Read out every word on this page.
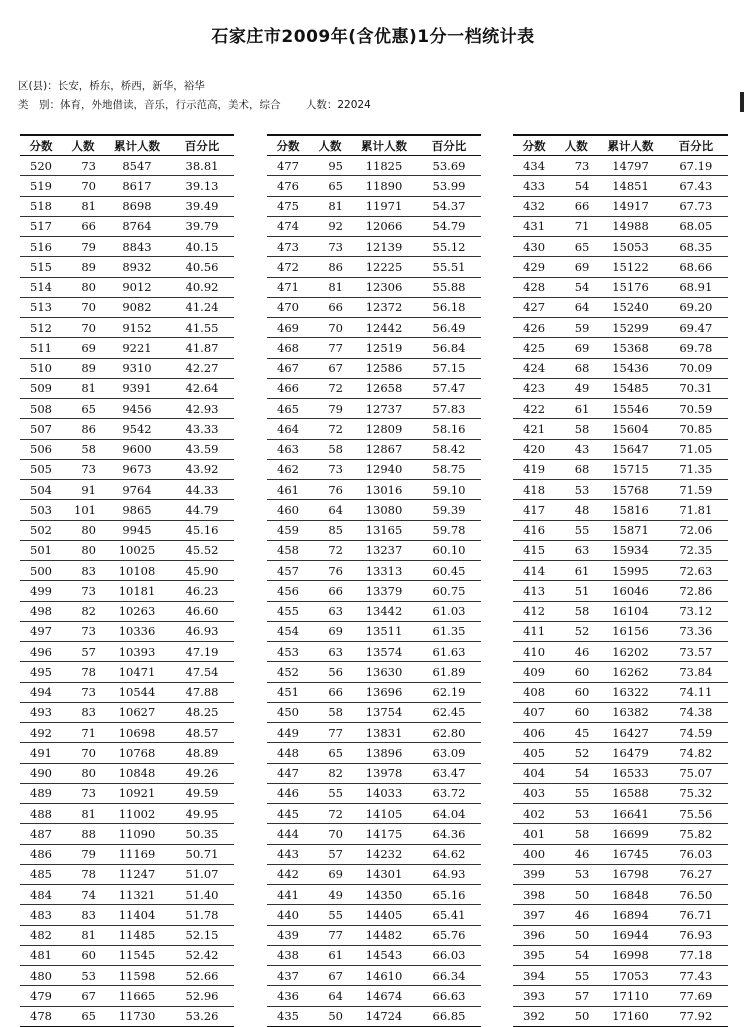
石家庄市2009年(含优惠)1分一档统计表
区(县)：长安，桥东，桥西，新华，裕华
类　别：体育，外地借读，音乐，行示范高，美术，综合 人数：22024
分数	人数	累计人数	百分比
520	73	8547	38.81
519	70	8617	39.13
518	81	8698	39.49
517	66	8764	39.79
516	79	8843	40.15
515	89	8932	40.56
514	80	9012	40.92
513	70	9082	41.24
512	70	9152	41.55
511	69	9221	41.87
510	89	9310	42.27
509	81	9391	42.64
508	65	9456	42.93
507	86	9542	43.33
506	58	9600	43.59
505	73	9673	43.92
504	91	9764	44.33
503	101	9865	44.79
502	80	9945	45.16
501	80	10025	45.52
500	83	10108	45.90
499	73	10181	46.23
498	82	10263	46.60
497	73	10336	46.93
496	57	10393	47.19
495	78	10471	47.54
494	73	10544	47.88
493	83	10627	48.25
492	71	10698	48.57
491	70	10768	48.89
490	80	10848	49.26
489	73	10921	49.59
488	81	11002	49.95
487	88	11090	50.35
486	79	11169	50.71
485	78	11247	51.07
484	74	11321	51.40
483	83	11404	51.78
482	81	11485	52.15
481	60	11545	52.42
480	53	11598	52.66
479	67	11665	52.96
478	65	11730	53.26
分数	人数	累计人数	百分比
477	95	11825	53.69
476	65	11890	53.99
475	81	11971	54.37
474	92	12066	54.79
473	73	12139	55.12
472	86	12225	55.51
471	81	12306	55.88
470	66	12372	56.18
469	70	12442	56.49
468	77	12519	56.84
467	67	12586	57.15
466	72	12658	57.47
465	79	12737	57.83
464	72	12809	58.16
463	58	12867	58.42
462	73	12940	58.75
461	76	13016	59.10
460	64	13080	59.39
459	85	13165	59.78
458	72	13237	60.10
457	76	13313	60.45
456	66	13379	60.75
455	63	13442	61.03
454	69	13511	61.35
453	63	13574	61.63
452	56	13630	61.89
451	66	13696	62.19
450	58	13754	62.45
449	77	13831	62.80
448	65	13896	63.09
447	82	13978	63.47
446	55	14033	63.72
445	72	14105	64.04
444	70	14175	64.36
443	57	14232	64.62
442	69	14301	64.93
441	49	14350	65.16
440	55	14405	65.41
439	77	14482	65.76
438	61	14543	66.03
437	67	14610	66.34
436	64	14674	66.63
435	50	14724	66.85
分数	人数	累计人数	百分比
434	73	14797	67.19
433	54	14851	67.43
432	66	14917	67.73
431	71	14988	68.05
430	65	15053	68.35
429	69	15122	68.66
428	54	15176	68.91
427	64	15240	69.20
426	59	15299	69.47
425	69	15368	69.78
424	68	15436	70.09
423	49	15485	70.31
422	61	15546	70.59
421	58	15604	70.85
420	43	15647	71.05
419	68	15715	71.35
418	53	15768	71.59
417	48	15816	71.81
416	55	15871	72.06
415	63	15934	72.35
414	61	15995	72.63
413	51	16046	72.86
412	58	16104	73.12
411	52	16156	73.36
410	46	16202	73.57
409	60	16262	73.84
408	60	16322	74.11
407	60	16382	74.38
406	45	16427	74.59
405	52	16479	74.82
404	54	16533	75.07
403	55	16588	75.32
402	53	16641	75.56
401	58	16699	75.82
400	46	16745	76.03
399	53	16798	76.27
398	50	16848	76.50
397	46	16894	76.71
396	50	16944	76.93
395	54	16998	77.18
394	55	17053	77.43
393	57	17110	77.69
392	50	17160	77.92
